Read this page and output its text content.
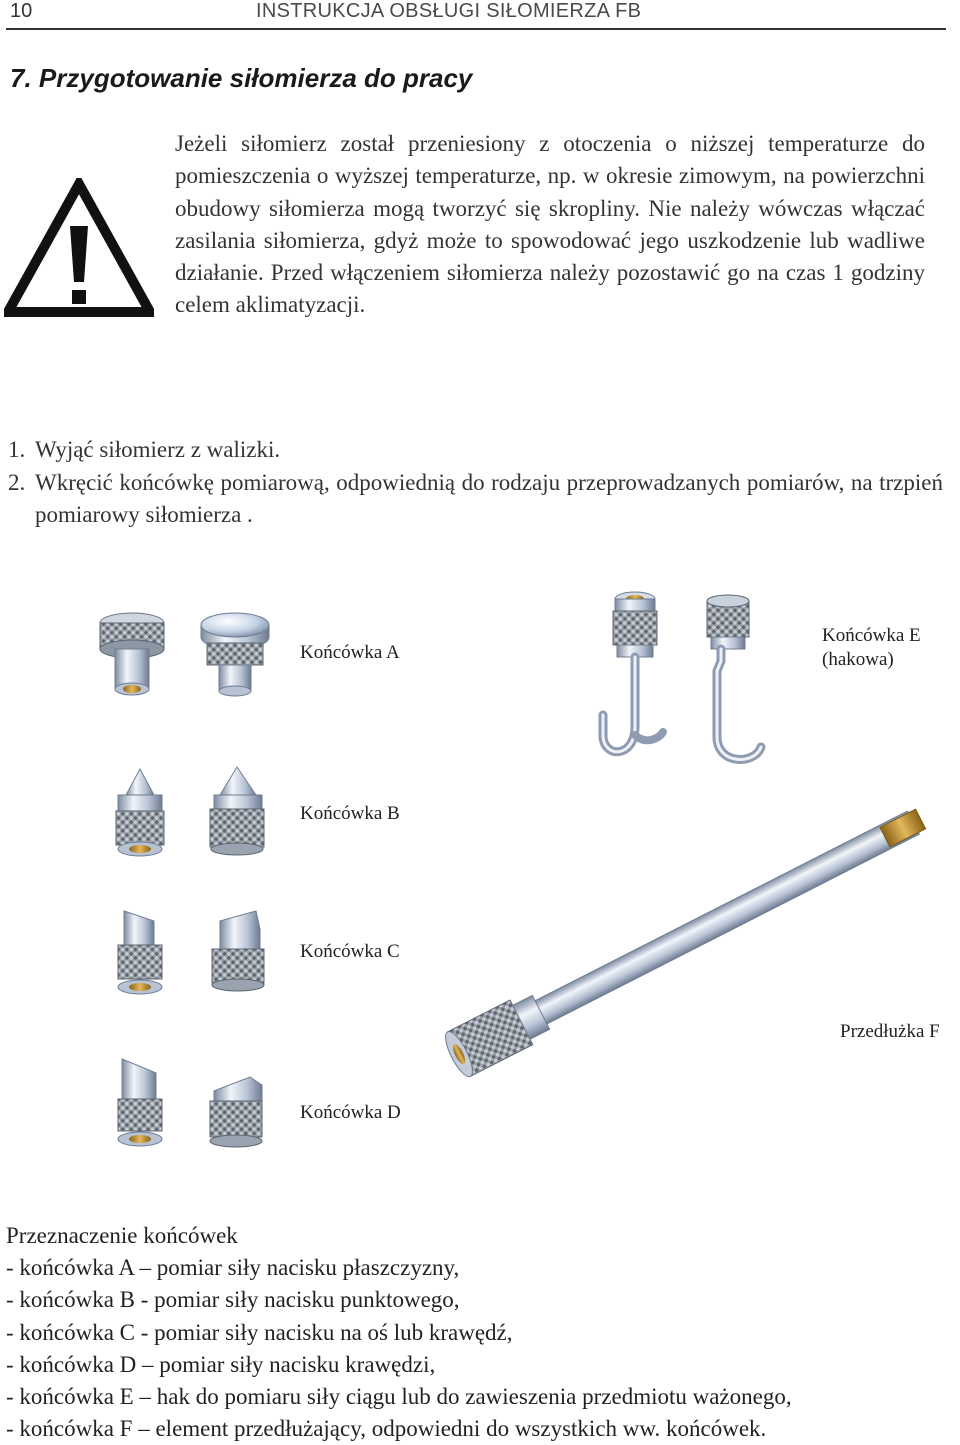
10	INSTRUKCJA OBSŁUGI SIŁOMIERZA FB
7. Przygotowanie siłomierza do pracy
Jeżeli siłomierz został przeniesiony z otoczenia o niższej temperaturze do pomieszczenia o wyższej temperaturze, np. w okresie zimowym, na powierzchni obudowy siłomierza mogą tworzyć się skropliny. Nie należy wówczas włączać zasilania siłomierza, gdyż może to spowodować jego uszkodzenie lub wadliwe działanie. Przed włączeniem siłomierza należy pozostawić go na czas 1 godziny celem aklimatyzacji.
1. Wyjąć siłomierz z walizki.
2. Wkręcić końcówkę pomiarową, odpowiednią do rodzaju przeprowadzanych pomiarów, na trzpień pomiarowy siłomierza .
Końcówka A
Końcówka E
(hakowa)
Końcówka B
Końcówka C
Przedłużka F
Końcówka D
Przeznaczenie końcówek
- końcówka A – pomiar siły nacisku płaszczyzny,
- końcówka B - pomiar siły nacisku punktowego,
- końcówka C - pomiar siły nacisku na oś lub krawędź,
- końcówka D – pomiar siły nacisku krawędzi,
- końcówka E – hak do pomiaru siły ciągu lub do zawieszenia przedmiotu ważonego,
- końcówka F – element przedłużający, odpowiedni do wszystkich ww. końcówek.
